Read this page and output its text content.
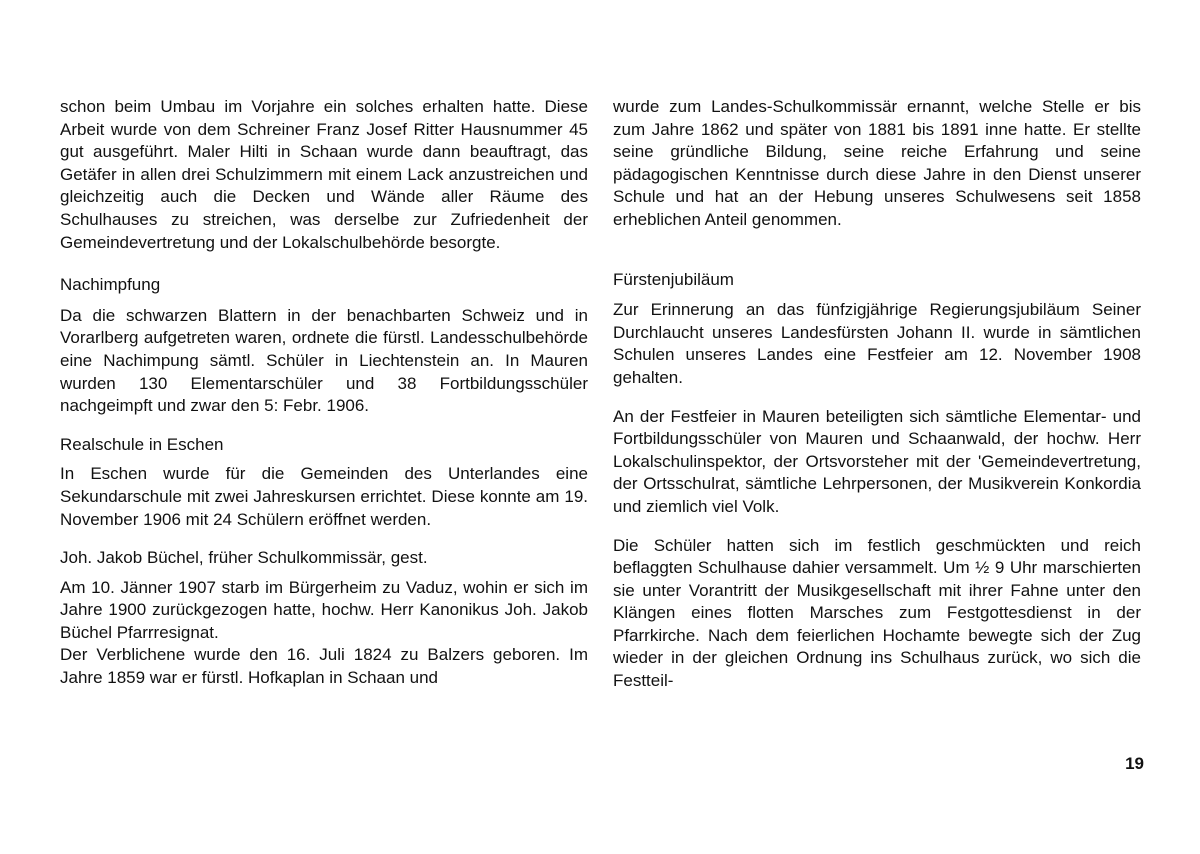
schon beim Umbau im Vorjahre ein solches erhalten hatte. Diese Arbeit wurde von dem Schreiner Franz Josef Ritter Hausnummer 45 gut ausgeführt. Maler Hilti in Schaan wurde dann beauftragt, das Getäfer in allen drei Schulzimmern mit einem Lack anzustreichen und gleichzeitig auch die Decken und Wände aller Räume des Schulhauses zu streichen, was derselbe zur Zufriedenheit der Gemeindevertretung und der Lokalschulbehörde besorgte.

Nachimpfung

Da die schwarzen Blattern in der benachbarten Schweiz und in Vorarlberg aufgetreten waren, ordnete die fürstl. Landesschulbehörde eine Nachimpung sämtl. Schüler in Liechtenstein an. In Mauren wurden 130 Elementarschüler und 38 Fortbildungsschüler nachgeimpft und zwar den 5: Febr. 1906.

Realschule in Eschen

In Eschen wurde für die Gemeinden des Unterlandes eine Sekundarschule mit zwei Jahreskursen errichtet. Diese konnte am 19. November 1906 mit 24 Schülern eröffnet werden.

Joh. Jakob Büchel, früher Schulkommissär, gest.

Am 10. Jänner 1907 starb im Bürgerheim zu Vaduz, wohin er sich im Jahre 1900 zurückgezogen hatte, hochw. Herr Kanonikus Joh. Jakob Büchel Pfarrresignat.

Der Verblichene wurde den 16. Juli 1824 zu Balzers geboren. Im Jahre 1859 war er fürstl. Hofkaplan in Schaan und

wurde zum Landes-Schulkommissär ernannt, welche Stelle er bis zum Jahre 1862 und später von 1881 bis 1891 inne hatte. Er stellte seine gründliche Bildung, seine reiche Erfahrung und seine pädagogischen Kenntnisse durch diese Jahre in den Dienst unserer Schule und hat an der Hebung unseres Schulwesens seit 1858 erheblichen Anteil genommen.

Fürstenjubiläum

Zur Erinnerung an das fünfzigjährige Regierungsjubiläum Seiner Durchlaucht unseres Landesfürsten Johann II. wurde in sämtlichen Schulen unseres Landes eine Festfeier am 12. November 1908 gehalten.

An der Festfeier in Mauren beteiligten sich sämtliche Elementar- und Fortbildungsschüler von Mauren und Schaanwald, der hochw. Herr Lokalschulinspektor, der Ortsvorsteher mit der 'Gemeindevertretung, der Ortsschulrat, sämtliche Lehrpersonen, der Musikverein Konkordia und ziemlich viel Volk.

Die Schüler hatten sich im festlich geschmückten und reich beflaggten Schulhause dahier versammelt. Um ½ 9 Uhr marschierten sie unter Vorantritt der Musikgesellschaft mit ihrer Fahne unter den Klängen eines flotten Marsches zum Festgottesdienst in der Pfarrkirche. Nach dem feierlichen Hochamte bewegte sich der Zug wieder in der gleichen Ordnung ins Schulhaus zurück, wo sich die Festteil-

19
